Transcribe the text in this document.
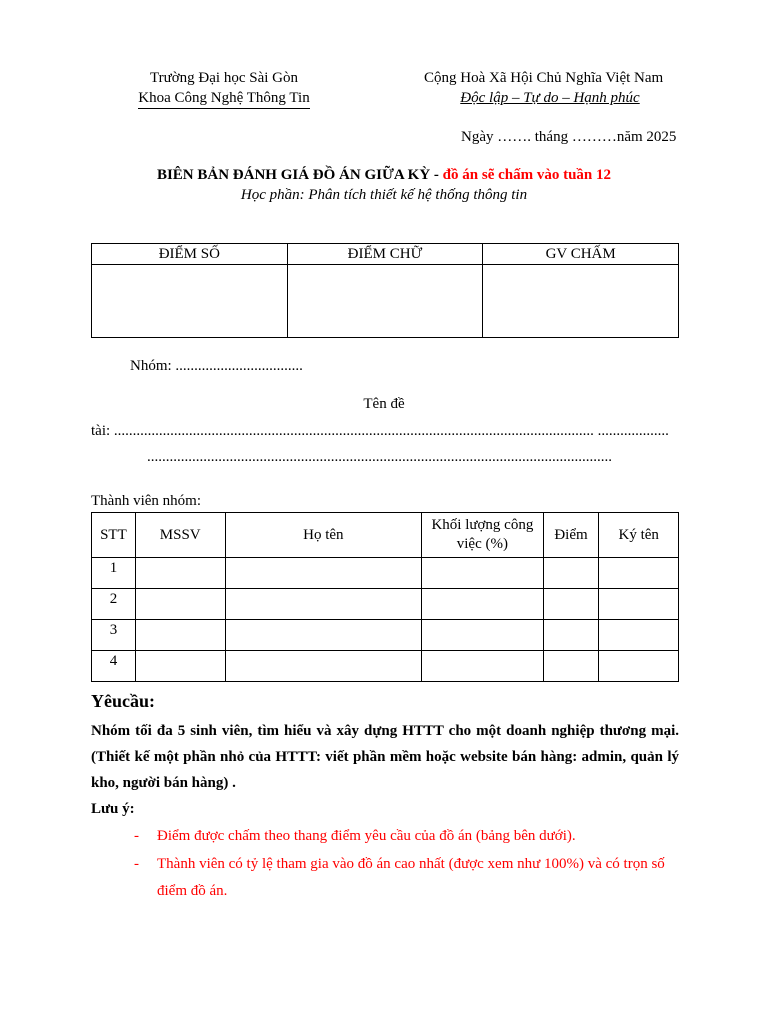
Trường Đại học Sài Gòn
Khoa Công Nghệ Thông Tin
Cộng Hoà Xã Hội Chủ Nghĩa Việt Nam
Độc lập – Tự do – Hạnh phúc
Ngày ……. tháng ………năm 2025
BIÊN BẢN ĐÁNH GIÁ ĐỒ ÁN GIỮA KỲ - đồ án sẽ chấm vào tuần 12
Học phần: Phân tích thiết kế hệ thống thông tin
ĐIỂM SỐ	ĐIỂM CHỮ	GV CHẤM

Nhóm: ..................................
Tên đề
tài: ................................................................................................................................ ...................
............................................................................................................................
Thành viên nhóm:
STT	MSSV	Họ tên	Khối lượng công việc (%)	Điểm	Ký tên
1					
2					
3					
4					
Yêucầu:
Nhóm tối đa 5 sinh viên, tìm hiểu và xây dựng HTTT cho một doanh nghiệp thương mại. (Thiết kế một phần nhỏ của HTTT: viết phần mềm hoặc website bán hàng: admin, quản lý kho, người bán hàng) .
Lưu ý:
- Điểm được chấm theo thang điểm yêu cầu của đồ án (bảng bên dưới).
- Thành viên có tỷ lệ tham gia vào đồ án cao nhất (được xem như 100%) và có trọn số điểm đồ án.
